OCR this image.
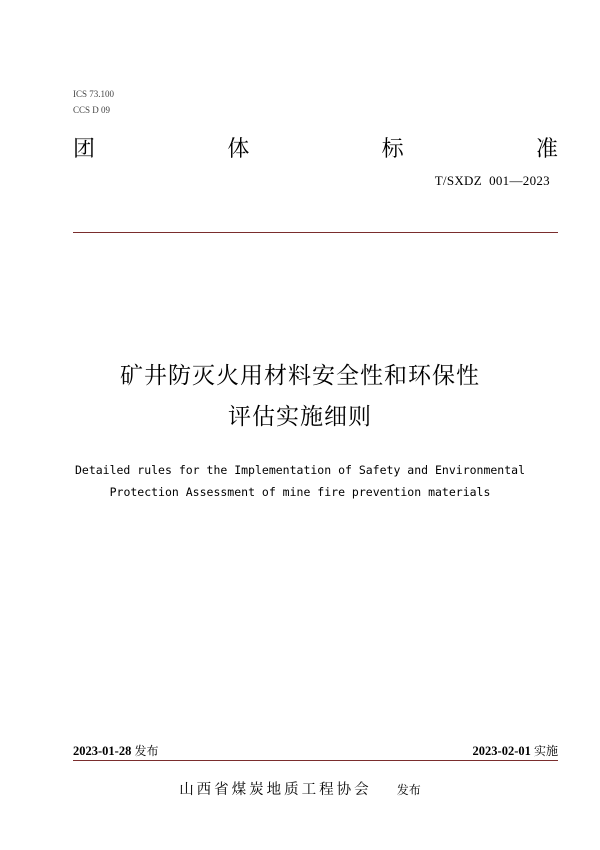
ICS 73.100
CCS D 09
团	体	标	准
T/SXDZ  001—2023
矿井防灭火用材料安全性和环保性
评估实施细则
Detailed rules for the Implementation of Safety and Environmental
Protection Assessment of mine fire prevention materials
2023-01-28 发布	2023-02-01 实施
山西省煤炭地质工程协会 发布
